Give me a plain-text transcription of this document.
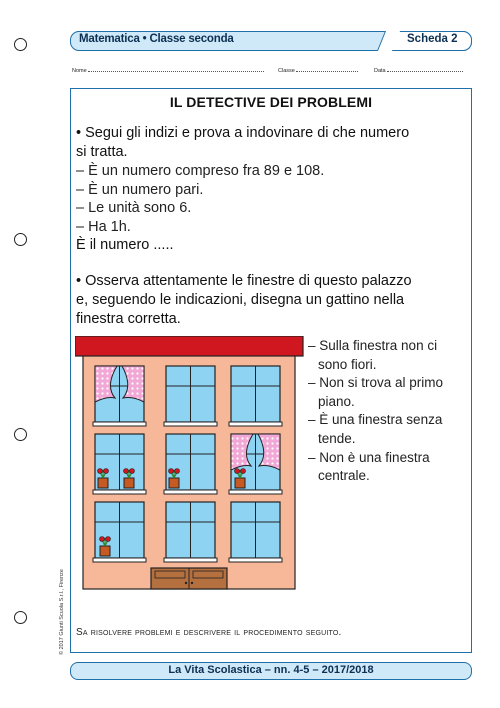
Matematica • Classe seconda	Scheda 2
Nome	Classe	Data
IL DETECTIVE DEI PROBLEMI
• Segui gli indizi e prova a indovinare di che numero
si tratta.
– È un numero compreso fra 89 e 108.
– È un numero pari.
– Le unità sono 6.
– Ha 1h.
È il numero .....
• Osserva attentamente le finestre di questo palazzo
e, seguendo le indicazioni, disegna un gattino nella
finestra corretta.
– Sulla finestra non ci
sono fiori.
– Non si trova al primo
piano.
– È una finestra senza
tende.
– Non è una finestra
centrale.
Sa risolvere problemi e descrivere il procedimento seguito.
La Vita Scolastica – nn. 4-5 – 2017/2018
© 2017 Giunti Scuola S.r.l., Firenze
